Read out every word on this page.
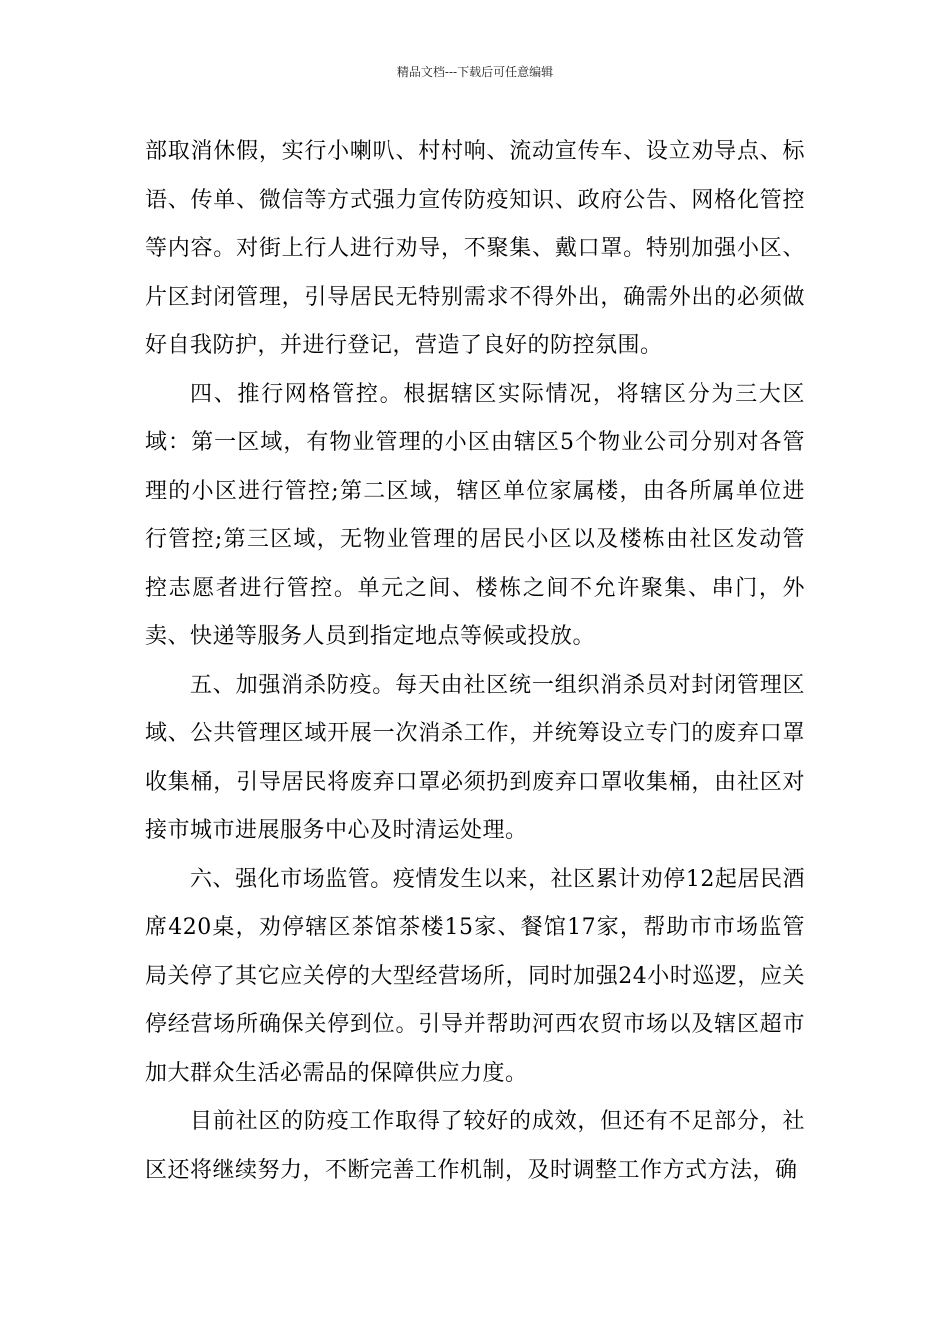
精品文档---下载后可任意编辑

部取消休假，实行小喇叭、村村响、流动宣传车、设立劝导点、标语、传单、微信等方式强力宣传防疫知识、政府公告、网格化管控等内容。对街上行人进行劝导，不聚集、戴口罩。特别加强小区、片区封闭管理，引导居民无特别需求不得外出，确需外出的必须做好自我防护，并进行登记，营造了良好的防控氛围。

四、推行网格管控。根据辖区实际情况，将辖区分为三大区域：第一区域，有物业管理的小区由辖区5个物业公司分别对各管理的小区进行管控;第二区域，辖区单位家属楼，由各所属单位进行管控;第三区域，无物业管理的居民小区以及楼栋由社区发动管控志愿者进行管控。单元之间、楼栋之间不允许聚集、串门，外卖、快递等服务人员到指定地点等候或投放。

五、加强消杀防疫。每天由社区统一组织消杀员对封闭管理区域、公共管理区域开展一次消杀工作，并统筹设立专门的废弃口罩收集桶，引导居民将废弃口罩必须扔到废弃口罩收集桶，由社区对接市城市进展服务中心及时清运处理。

六、强化市场监管。疫情发生以来，社区累计劝停12起居民酒席420桌，劝停辖区茶馆茶楼15家、餐馆17家，帮助市市场监管局关停了其它应关停的大型经营场所，同时加强24小时巡逻，应关停经营场所确保关停到位。引导并帮助河西农贸市场以及辖区超市加大群众生活必需品的保障供应力度。

目前社区的防疫工作取得了较好的成效，但还有不足部分，社区还将继续努力，不断完善工作机制，及时调整工作方式方法，确
